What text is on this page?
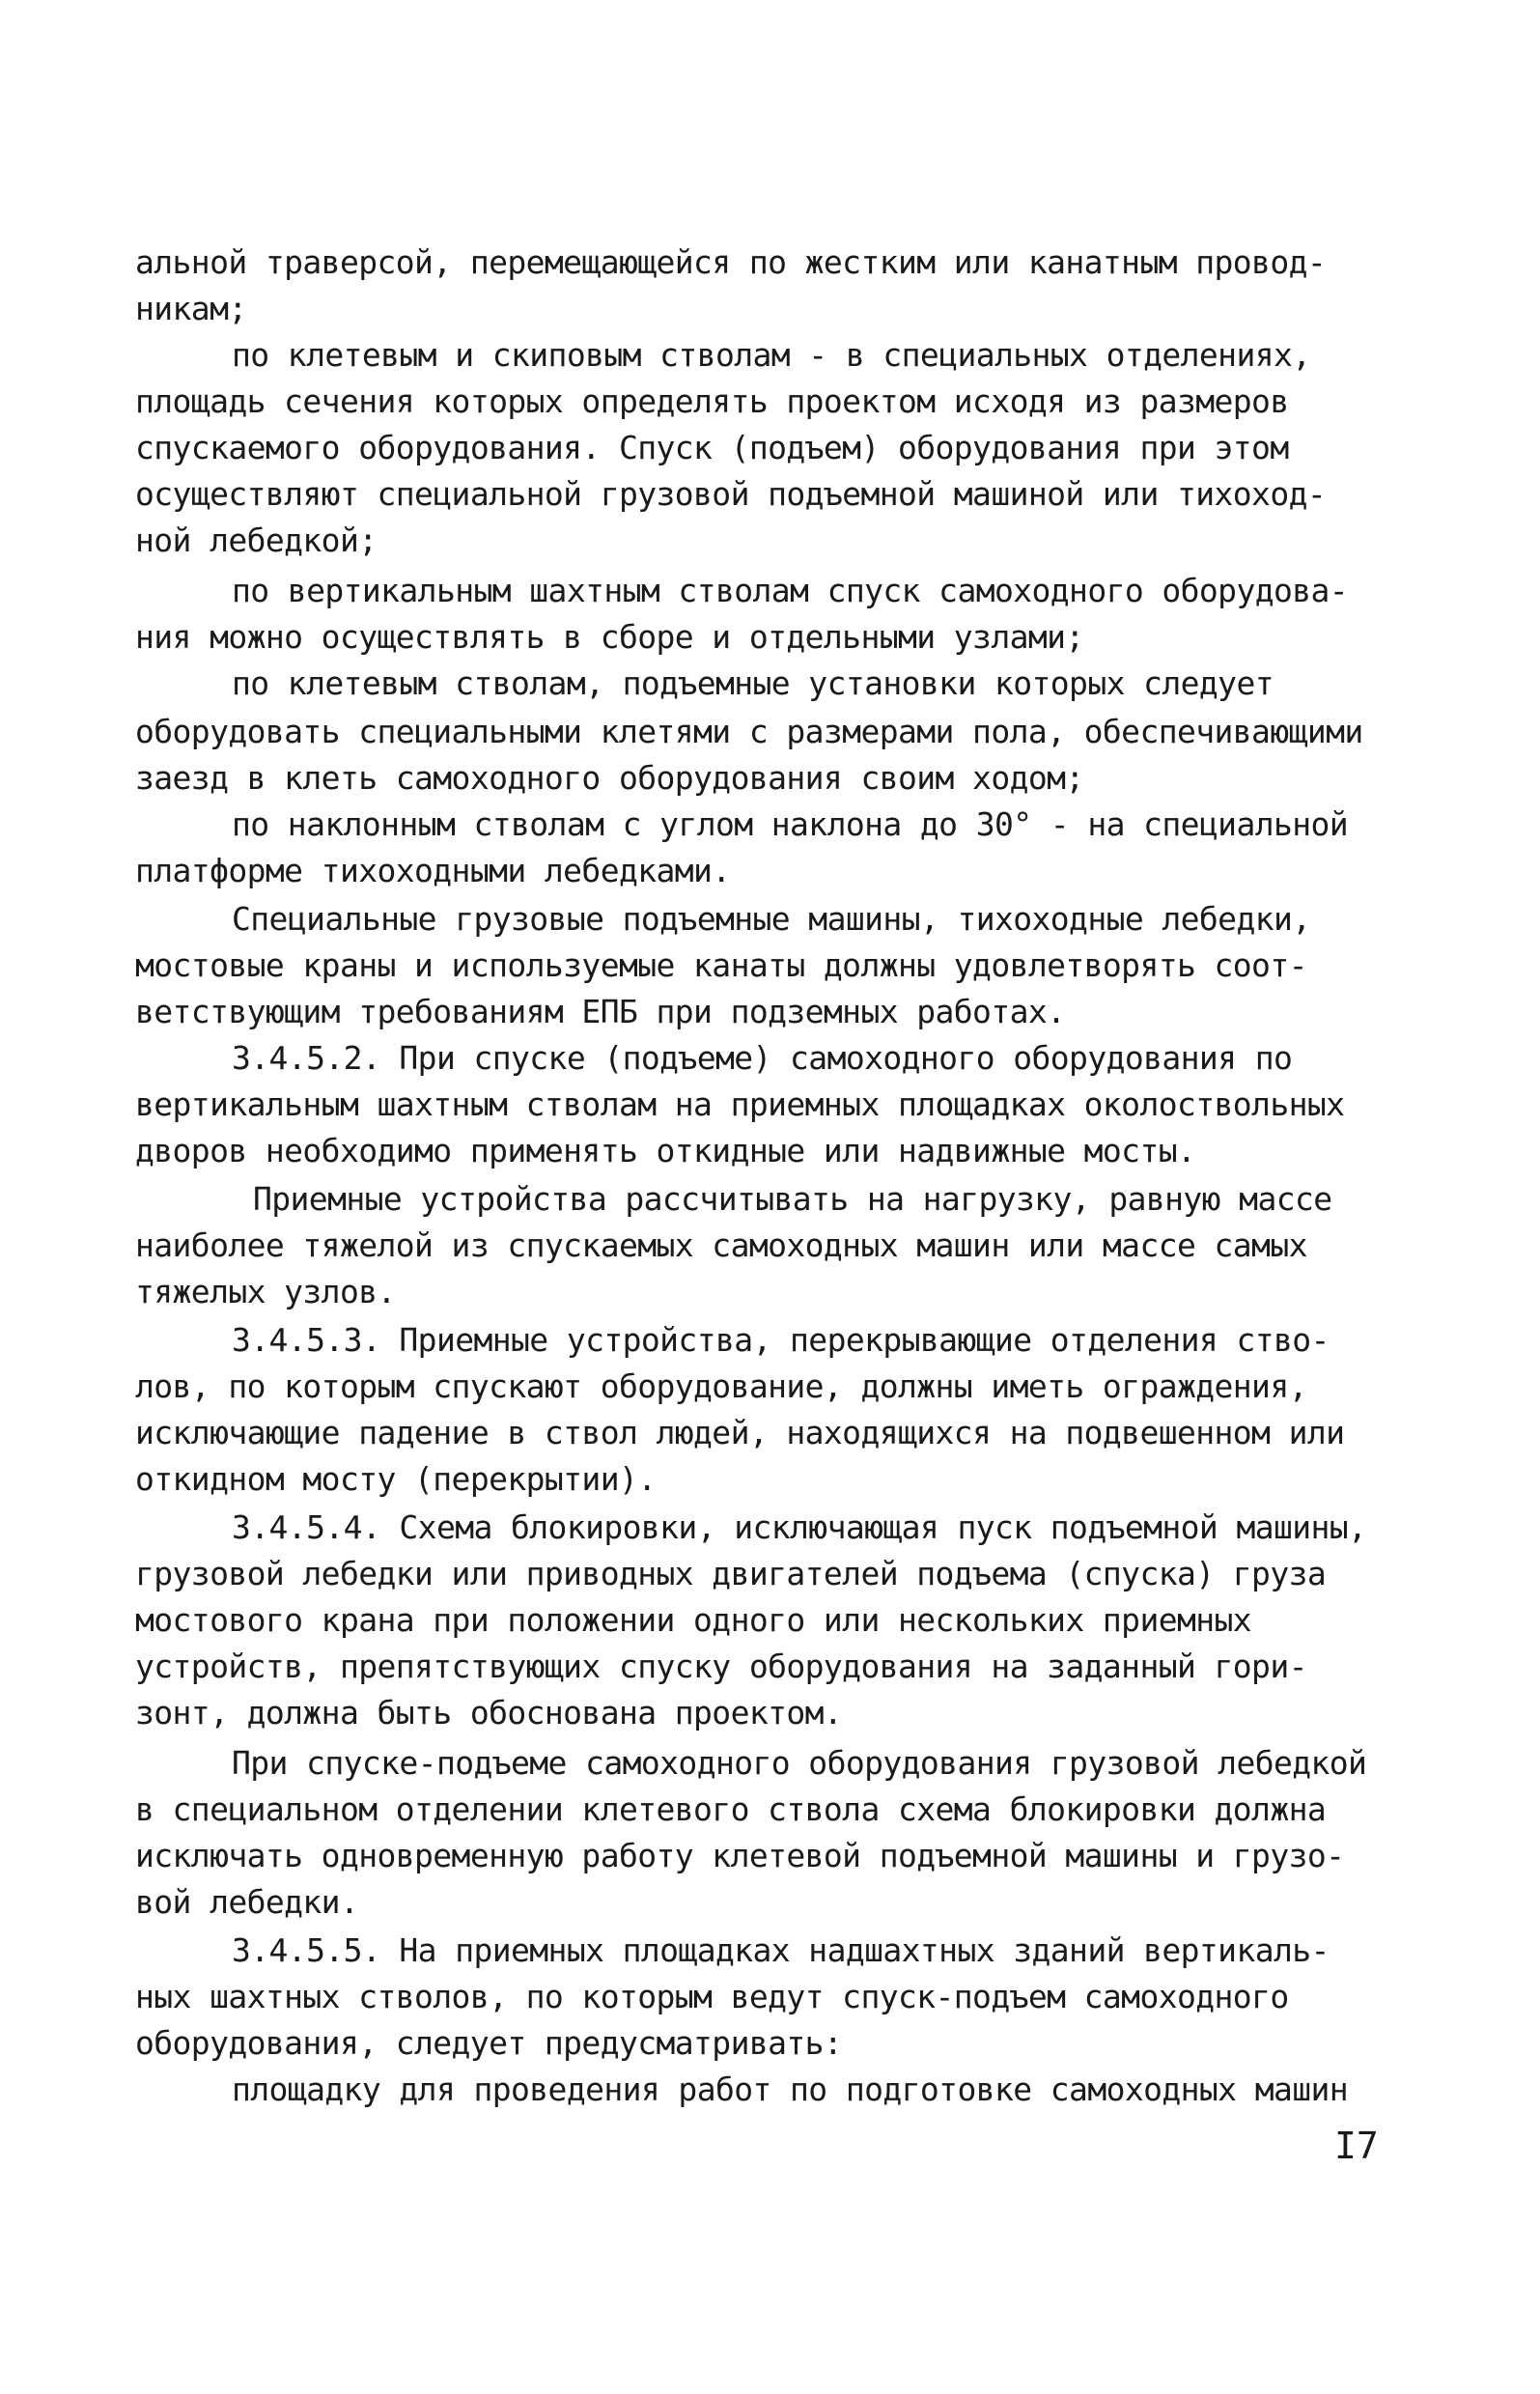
альной траверсой, перемещающейся по жестким или канатным провод-
никам;
по клетевым и скиповым стволам - в специальных отделениях,
площадь сечения которых определять проектом исходя из размеров
спускаемого оборудования. Спуск (подъем) оборудования при этом
осуществляют специальной грузовой подъемной машиной или тихоход-
ной лебедкой;
по вертикальным шахтным стволам спуск самоходного оборудова-
ния можно осуществлять в сборе и отдельными узлами;
по клетевым стволам, подъемные установки которых следует
оборудовать специальными клетями с размерами пола, обеспечивающими
заезд в клеть самоходного оборудования своим ходом;
по наклонным стволам с углом наклона до 30° - на специальной
платформе тихоходными лебедками.
Специальные грузовые подъемные машины, тихоходные лебедки,
мостовые краны и используемые канаты должны удовлетворять соот-
ветствующим требованиям ЕПБ при подземных работах.
3.4.5.2. При спуске (подъеме) самоходного оборудования по
вертикальным шахтным стволам на приемных площадках околоствольных
дворов необходимо применять откидные или надвижные мосты.
Приемные устройства рассчитывать на нагрузку, равную массе
наиболее тяжелой из спускаемых самоходных машин или массе самых
тяжелых узлов.
3.4.5.3. Приемные устройства, перекрывающие отделения ство-
лов, по которым спускают оборудование, должны иметь ограждения,
исключающие падение в ствол людей, находящихся на подвешенном или
откидном мосту (перекрытии).
3.4.5.4. Схема блокировки, исключающая пуск подъемной машины,
грузовой лебедки или приводных двигателей подъема (спуска) груза
мостового крана при положении одного или нескольких приемных
устройств, препятствующих спуску оборудования на заданный гори-
зонт, должна быть обоснована проектом.
При спуске-подъеме самоходного оборудования грузовой лебедкой
в специальном отделении клетевого ствола схема блокировки должна
исключать одновременную работу клетевой подъемной машины и грузо-
вой лебедки.
3.4.5.5. На приемных площадках надшахтных зданий вертикаль-
ных шахтных стволов, по которым ведут спуск-подъем самоходного
оборудования, следует предусматривать:
площадку для проведения работ по подготовке самоходных машин
I7
